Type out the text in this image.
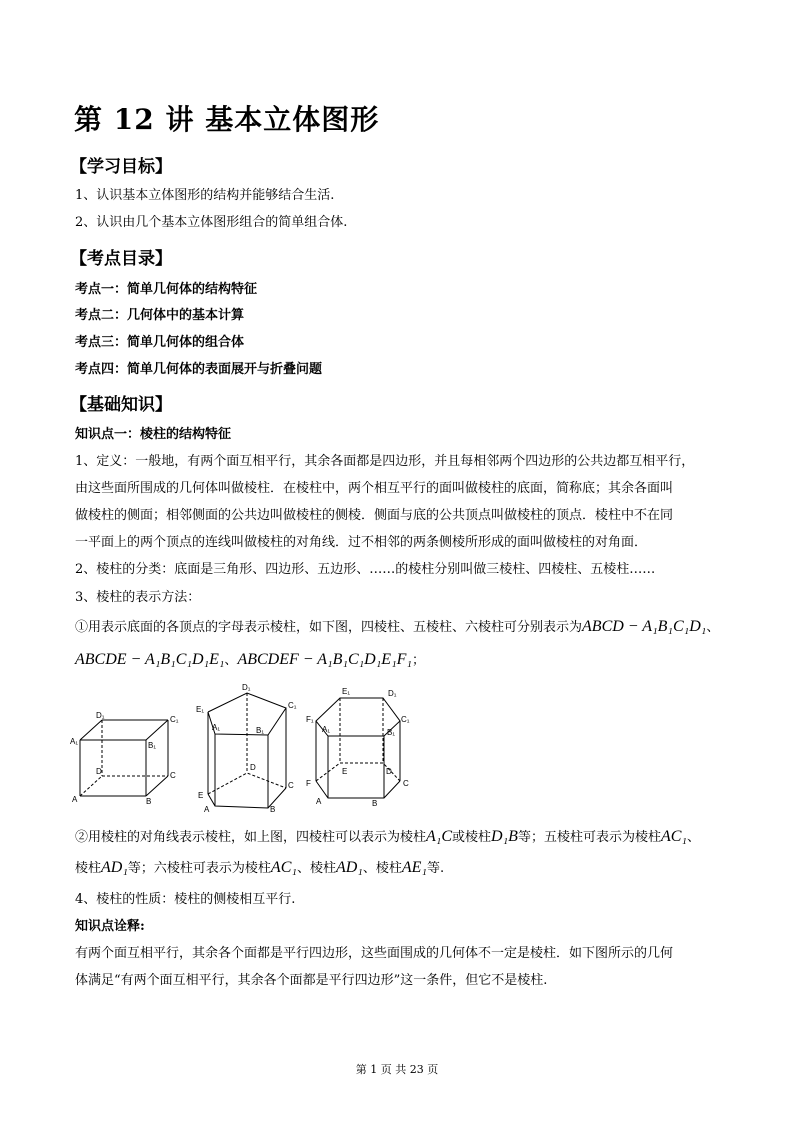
第 12 讲 基本立体图形
【学习目标】
1、认识基本立体图形的结构并能够结合生活.
2、认识由几个基本立体图形组合的简单组合体.
【考点目录】
考点一：简单几何体的结构特征
考点二：几何体中的基本计算
考点三：简单几何体的组合体
考点四：简单几何体的表面展开与折叠问题
【基础知识】
知识点一：棱柱的结构特征
1、定义：一般地，有两个面互相平行，其余各面都是四边形，并且每相邻两个四边形的公共边都互相平行，
由这些面所围成的几何体叫做棱柱．在棱柱中，两个相互平行的面叫做棱柱的底面，简称底；其余各面叫
做棱柱的侧面；相邻侧面的公共边叫做棱柱的侧棱．侧面与底的公共顶点叫做棱柱的顶点．棱柱中不在同
一平面上的两个顶点的连线叫做棱柱的对角线．过不相邻的两条侧棱所形成的面叫做棱柱的对角面．
2、棱柱的分类：底面是三角形、四边形、五边形、……的棱柱分别叫做三棱柱、四棱柱、五棱柱……
3、棱柱的表示方法：
①用表示底面的各顶点的字母表示棱柱，如下图，四棱柱、五棱柱、六棱柱可分别表示为ABCD − A₁B₁C₁D₁、
ABCDE − A₁B₁C₁D₁E₁、ABCDEF − A₁B₁C₁D₁E₁F₁；
D₁	C₁
A₁	B₁
D	C
A	B
D₁
E₁	C₁
A₁	B₁
D
E
C
A	B
E₁	D₁
F₁	C₁
A₁	B₁
E	D
F	C
A	B
②用棱柱的对角线表示棱柱，如上图，四棱柱可以表示为棱柱A₁C或棱柱D₁B等；五棱柱可表示为棱柱AC₁、
棱柱AD₁等；六棱柱可表示为棱柱AC₁、棱柱AD₁、棱柱AE₁等.
4、棱柱的性质：棱柱的侧棱相互平行.
知识点诠释:
有两个面互相平行，其余各个面都是平行四边形，这些面围成的几何体不一定是棱柱．如下图所示的几何
体满足“有两个面互相平行，其余各个面都是平行四边形”这一条件，但它不是棱柱.
第 1 页 共 23 页
